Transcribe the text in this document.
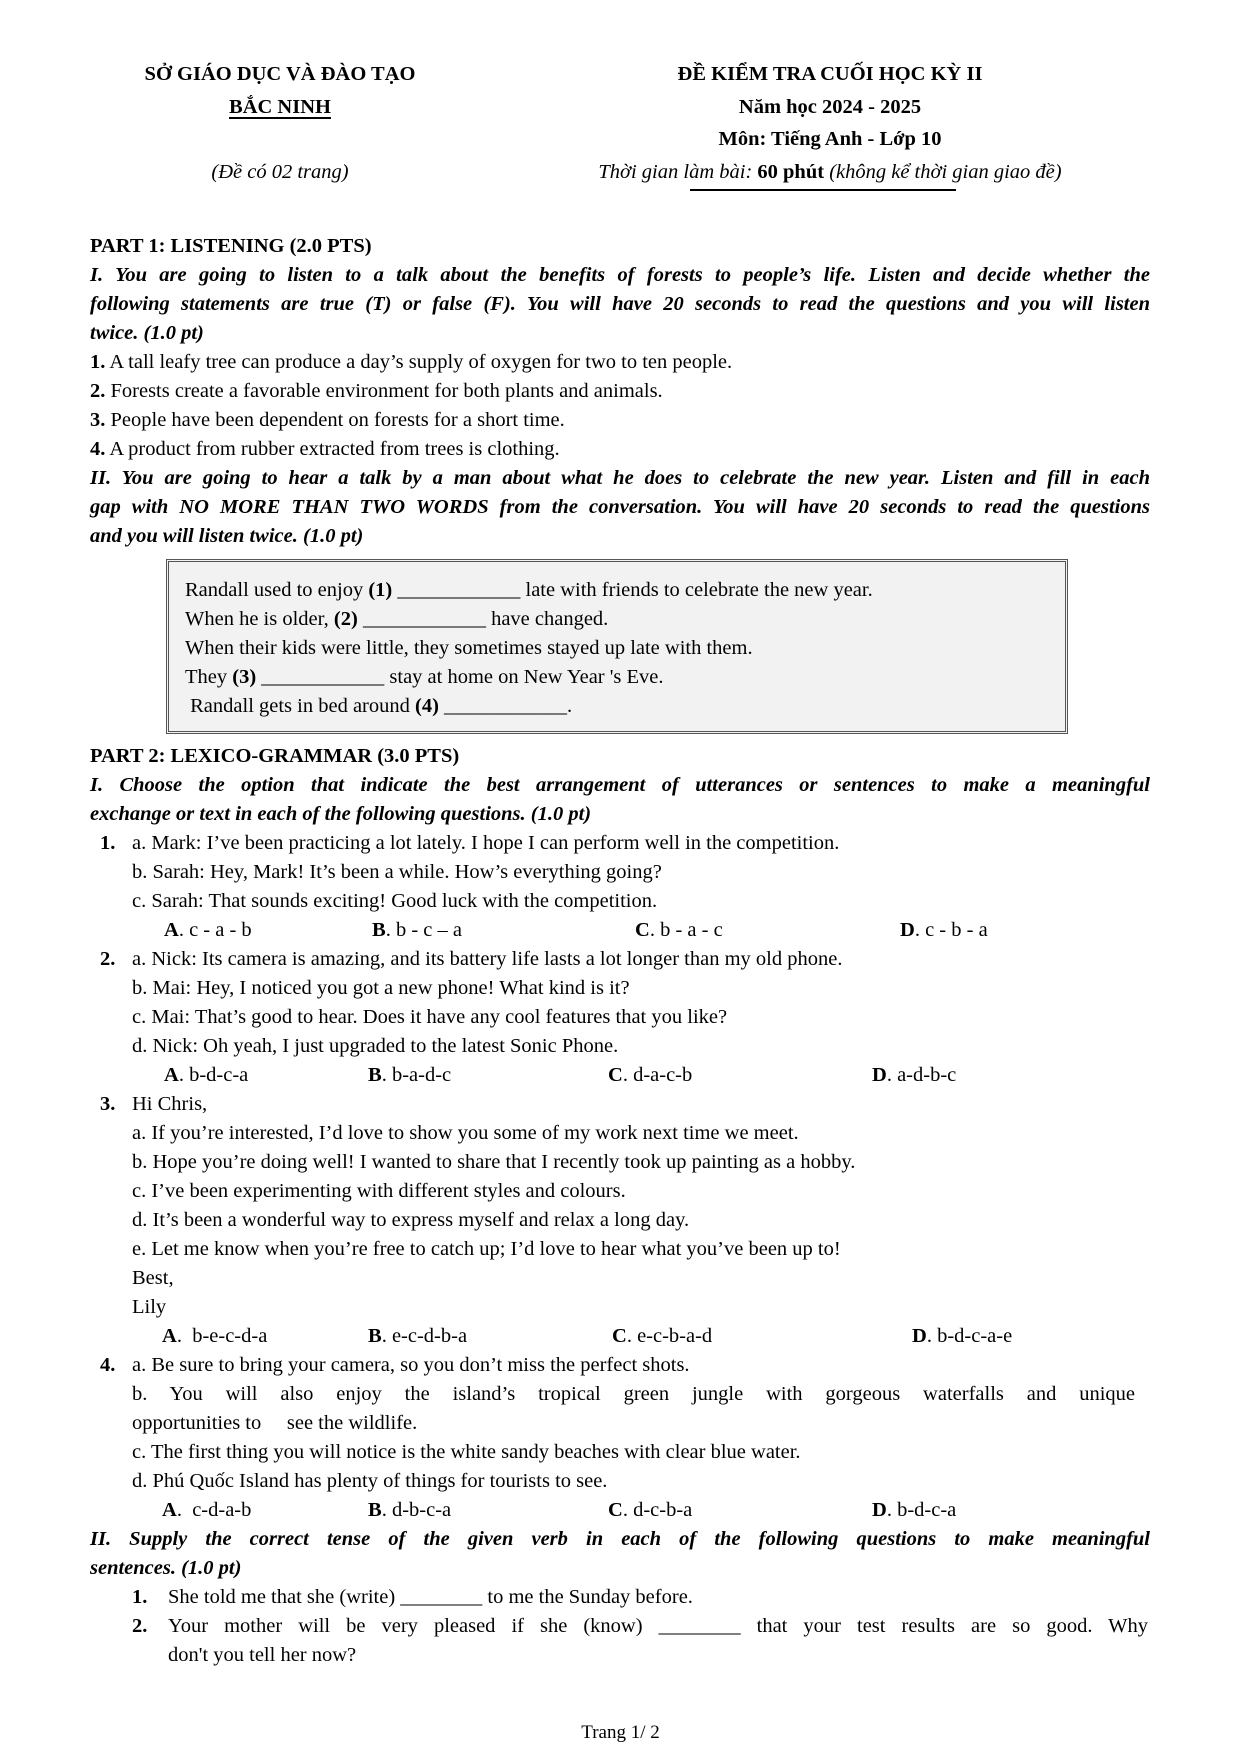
SỞ GIÁO DỤC VÀ ĐÀO TẠO
BẮC NINH
(Đề có 02 trang)
ĐỀ KIỂM TRA CUỐI HỌC KỲ II
Năm học 2024 - 2025
Môn: Tiếng Anh - Lớp 10
Thời gian làm bài: 60 phút (không kể thời gian giao đề)
PART 1: LISTENING (2.0 PTS)
I. You are going to listen to a talk about the benefits of forests to people’s life. Listen and decide whether the
following statements are true (T) or false (F). You will have 20 seconds to read the questions and you will listen
twice. (1.0 pt)
1. A tall leafy tree can produce a day’s supply of oxygen for two to ten people.
2. Forests create a favorable environment for both plants and animals.
3. People have been dependent on forests for a short time.
4. A product from rubber extracted from trees is clothing.
II. You are going to hear a talk by a man about what he does to celebrate the new year. Listen and fill in each
gap with NO MORE THAN TWO WORDS from the conversation. You will have 20 seconds to read the questions
and you will listen twice. (1.0 pt)
Randall used to enjoy (1) ____________ late with friends to celebrate the new year.
When he is older, (2) ____________ have changed.
When their kids were little, they sometimes stayed up late with them.
They (3) ____________ stay at home on New Year 's Eve.
Randall gets in bed around (4) ____________.
PART 2: LEXICO-GRAMMAR (3.0 PTS)
I. Choose the option that indicate the best arrangement of utterances or sentences to make a meaningful
exchange or text in each of the following questions. (1.0 pt)
1. a. Mark: I’ve been practicing a lot lately. I hope I can perform well in the competition.
b. Sarah: Hey, Mark! It’s been a while. How’s everything going?
c. Sarah: That sounds exciting! Good luck with the competition.
A. c - a - b	B. b - c – a	C. b - a - c	D. c - b - a
2. a. Nick: Its camera is amazing, and its battery life lasts a lot longer than my old phone.
b. Mai: Hey, I noticed you got a new phone! What kind is it?
c. Mai: That’s good to hear. Does it have any cool features that you like?
d. Nick: Oh yeah, I just upgraded to the latest Sonic Phone.
A. b-d-c-a	B. b-a-d-c	C. d-a-c-b	D. a-d-b-c
3. Hi Chris,
a. If you’re interested, I’d love to show you some of my work next time we meet.
b. Hope you’re doing well! I wanted to share that I recently took up painting as a hobby.
c. I’ve been experimenting with different styles and colours.
d. It’s been a wonderful way to express myself and relax a long day.
e. Let me know when you’re free to catch up; I’d love to hear what you’ve been up to!
Best,
Lily
A.  b-e-c-d-a	B. e-c-d-b-a	C. e-c-b-a-d	D. b-d-c-a-e
4. a. Be sure to bring your camera, so you don’t miss the perfect shots.
b. You will also enjoy the island’s tropical green jungle with gorgeous waterfalls and unique
opportunities to     see the wildlife.
c. The first thing you will notice is the white sandy beaches with clear blue water.
d. Phú Quốc Island has plenty of things for tourists to see.
A.  c-d-a-b	B. d-b-c-a	C. d-c-b-a	D. b-d-c-a
II. Supply the correct tense of the given verb in each of the following questions to make meaningful
sentences. (1.0 pt)
1. She told me that she (write) ________ to me the Sunday before.
2.	Your mother will be very pleased if she (know) ________ that your test results are so good. Why
don't you tell her now?
Trang 1/ 2
